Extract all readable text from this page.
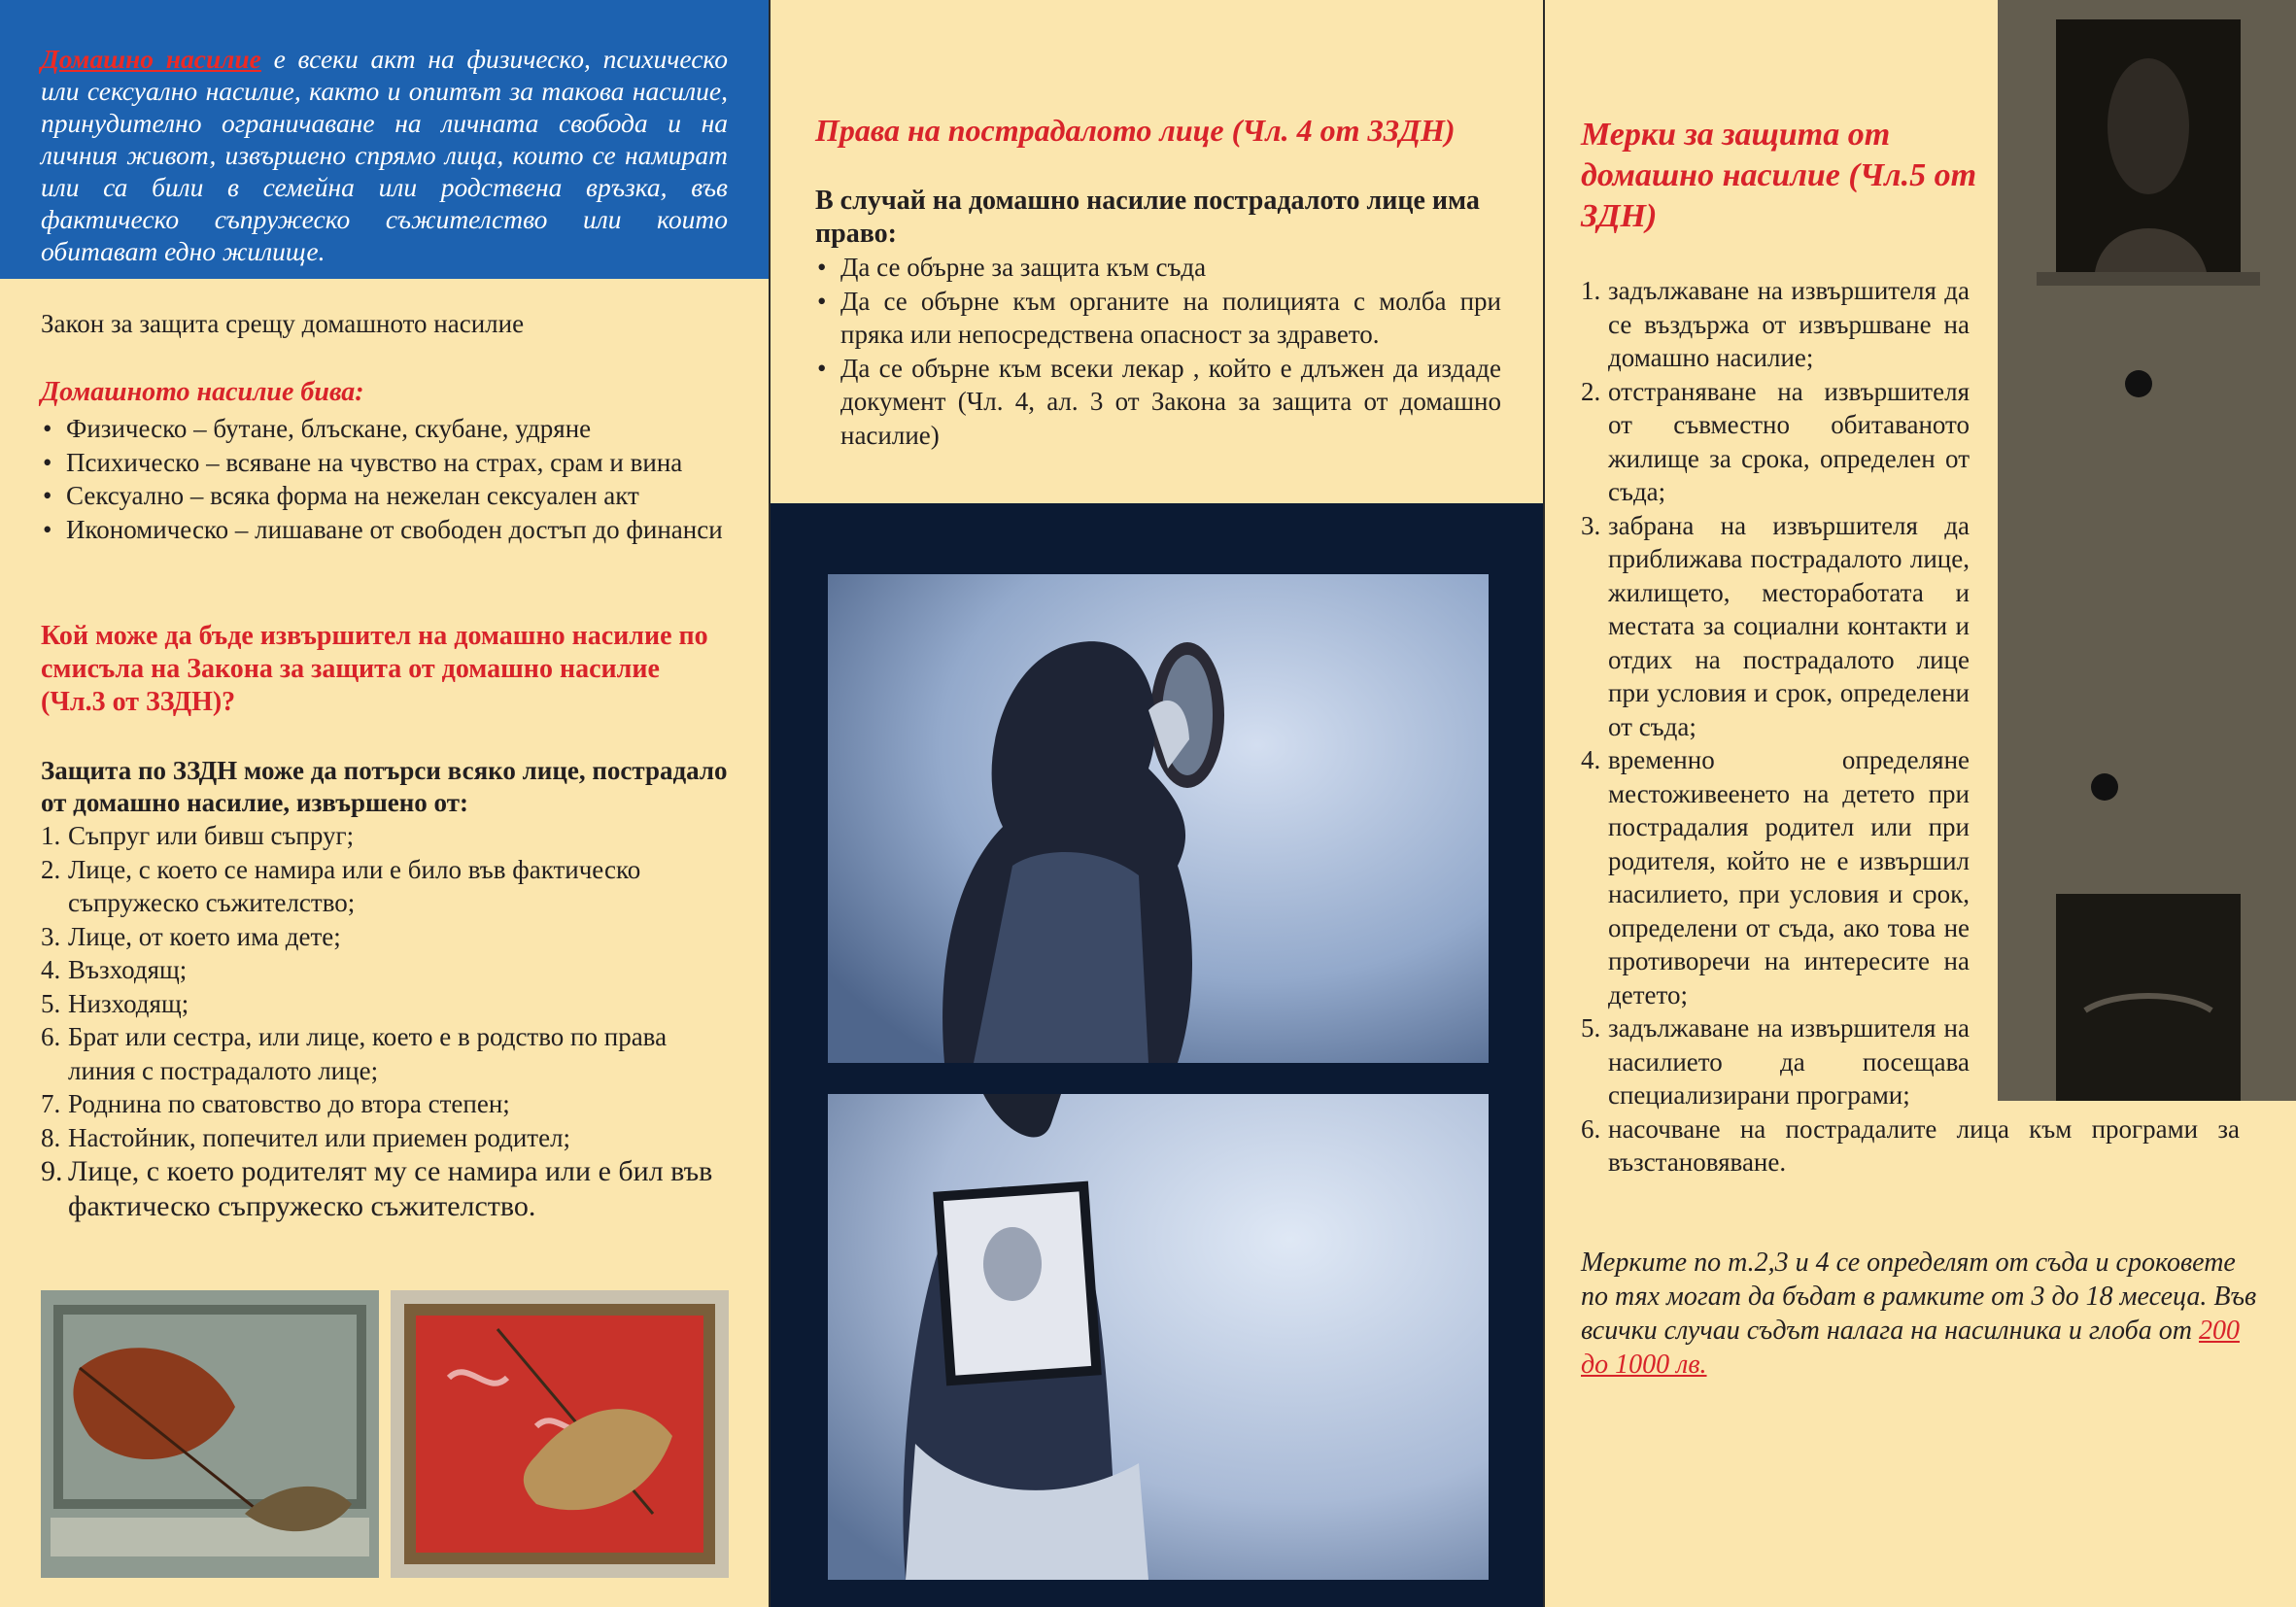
Домашно насилие е всеки акт на физическо, психическо или сексуално насилие, както и опитът за такова насилие, принудително ограничаване на личната свобода и на личния живот, извършено спрямо лица, които се намират или са били в семейна или родствена връзка, във фактическо съпружеско съжителство или които обитават едно жилище.

Закон за защита срещу домашното насилие

Домашното насилие бива:

• Физическо – бутане, блъскане, скубане, удряне
• Психическо – всяване на чувство на страх, срам и вина
• Сексуално – всяка форма на нежелан сексуален акт
• Икономическо – лишаване от свободен достъп до финанси

Кой може да бъде извършител на домашно насилие по смисъла на Закона за защита от домашно насилие (Чл.3 от ЗЗДН)?

Защита по ЗЗДН може да потърси всяко лице, пострадало от домашно насилие, извършено от:

1. Съпруг или бивш съпруг;
2. Лице, с което се намира или е било във фактическо съпружеско съжителство;
3. Лице, от което има дете;
4. Възходящ;
5. Низходящ;
6. Брат или сестра, или лице, което е в родство по права линия с пострадалото лице;
7. Роднина по сватовство до втора степен;
8. Настойник, попечител или приемен родител;
9. Лице, с което родителят му се намира или е бил във фактическо съпружеско съжителство.

Права на пострадалото лице (Чл. 4 от ЗЗДН)

В случай на домашно насилие пострадалото лице има право:

• Да се обърне за защита към съда
• Да се обърне към органите на полицията с молба при пряка или непосредствена опасност за здравето.
• Да се обърне към всеки лекар , който е длъжен да издаде документ (Чл. 4, ал. 3 от Закона за защита от домашно насилие)

Мерки за защита от домашно насилие (Чл.5 от ЗДН)

1. задължаване на извършителя да се въздържа от извършване на домашно насилие;
2. отстраняване на извършителя от съвместно обитаваното жилище за срока, определен от съда;
3. забрана на извършителя да приближава пострадалото лице, жилището, местоработата и местата за социални контакти и отдих на пострадалото лице при условия и срок, определени от съда;
4. временно определяне местоживеенето на детето при пострадалия родител или при родителя, който не е извършил насилието, при условия и срок, определени от съда, ако това не противоречи на интересите на детето;
5. задължаване на извършителя на насилието да посещава специализирани програми;
6. насочване на пострадалите лица към програми за възстановяване.

Мерките по т.2,3 и 4 се определят от съда и сроковете по тях могат да бъдат в рамките от 3 до 18 месеца. Във всички случаи съдът налага на насилника и глоба от 200 до 1000 лв.
